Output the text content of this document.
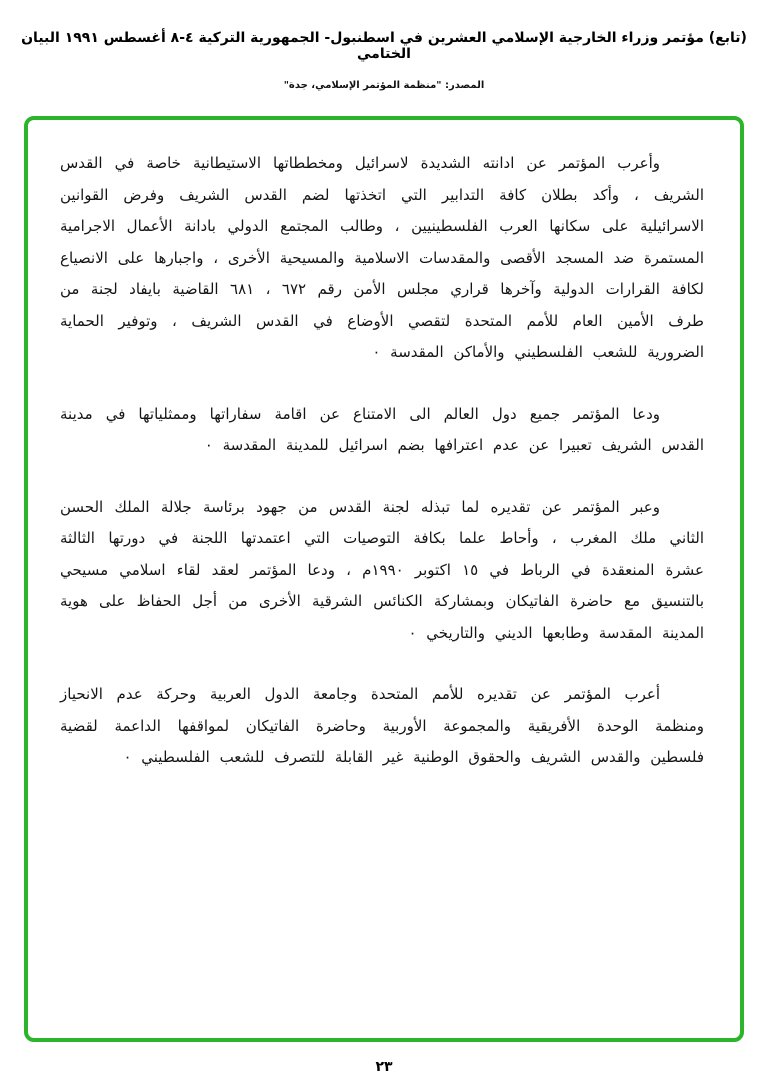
(تابع) مؤتمر وزراء الخارجية الإسلامي العشرين في اسطنبول- الجمهورية التركية ٤-٨ أغسطس ١٩٩١ البيان الختامي
المصدر: "منظمة المؤتمر الإسلامي، جدة"

وأعرب المؤتمر عن ادانته الشديدة لاسرائيل ومخططاتها الاستيطانية خاصة في القدس الشريف ، وأكد بطلان كافة التدابير التي اتخذتها لضم القدس الشريف وفرض القوانين الاسرائيلية على سكانها العرب الفلسطينيين ، وطالب المجتمع الدولي بادانة الأعمال الاجرامية المستمرة ضد المسجد الأقصى والمقدسات الاسلامية والمسيحية الأخرى ، واجبارها على الانصياع لكافة القرارات الدولية وآخرها قراري مجلس الأمن رقم ٦٧٢ ، ٦٨١ القاضية بايفاد لجنة من طرف الأمين العام للأمم المتحدة لتقصي الأوضاع في القدس الشريف ، وتوفير الحماية الضرورية للشعب الفلسطيني والأماكن المقدسة ٠

ودعا المؤتمر جميع دول العالم الى الامتناع عن اقامة سفاراتها وممثلياتها في مدينة القدس الشريف تعبيرا عن عدم اعترافها بضم اسرائيل للمدينة المقدسة ٠

وعبر المؤتمر عن تقديره لما تبذله لجنة القدس من جهود برئاسة جلالة الملك الحسن الثاني ملك المغرب ، وأحاط علما بكافة التوصيات التي اعتمدتها اللجنة في دورتها الثالثة عشرة المنعقدة في الرباط في ١٥ اكتوبر ١٩٩٠م ، ودعا المؤتمر لعقد لقاء اسلامي مسيحي بالتنسيق مع حاضرة الفاتيكان وبمشاركة الكنائس الشرقية الأخرى من أجل الحفاظ على هوية المدينة المقدسة وطابعها الديني والتاريخي ٠

أعرب المؤتمر عن تقديره للأمم المتحدة وجامعة الدول العربية وحركة عدم الانحياز ومنظمة الوحدة الأفريقية والمجموعة الأوربية وحاضرة الفاتيكان لمواقفها الداعمة لقضية فلسطين والقدس الشريف والحقوق الوطنية غير القابلة للتصرف للشعب الفلسطيني ٠

٢٣
